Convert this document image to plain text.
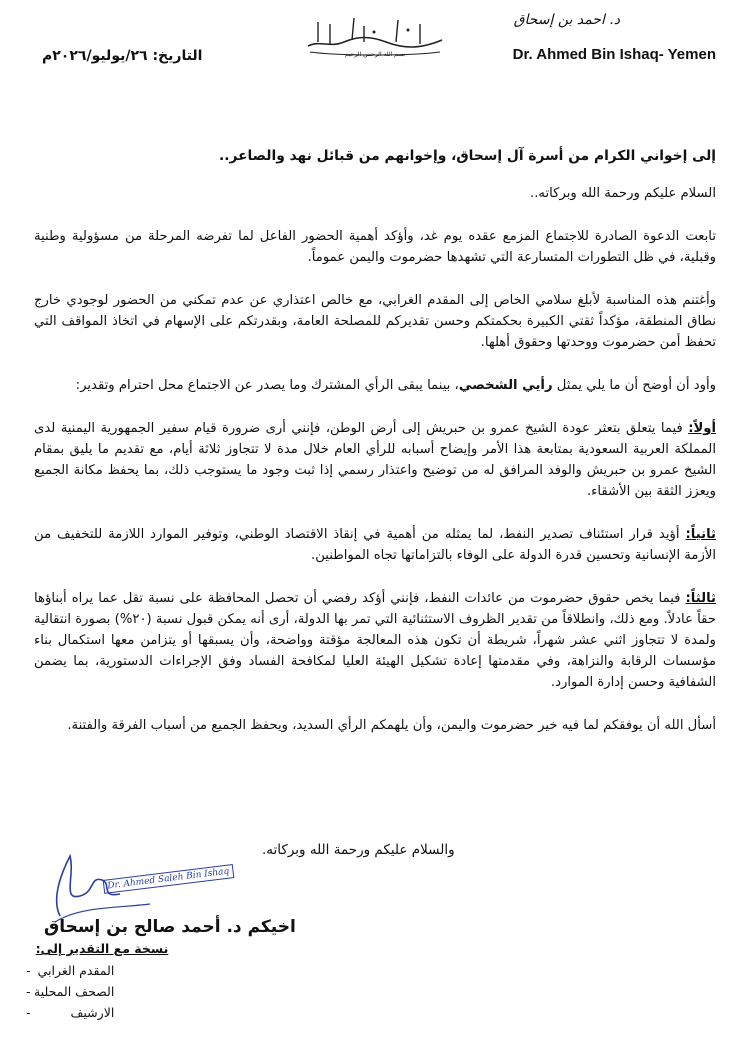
د. احمد بن إسحاق
Dr. Ahmed Bin Ishaq- Yemen
بسم الله الرحمن الرحيم
التاريخ: ٢٦/يوليو/٢٠٢٦م

إلى إخواني الكرام من أسرة آل إسحاق، وإخوانهم من قبائل نهد والصاعر..

السلام عليكم ورحمة الله وبركاته..

تابعت الدعوة الصادرة للاجتماع المزمع عقده يوم غد، وأؤكد أهمية الحضور الفاعل لما تفرضه المرحلة من مسؤولية وطنية وقبلية، في ظل التطورات المتسارعة التي تشهدها حضرموت واليمن عموماً.

وأغتنم هذه المناسبة لأبلغ سلامي الخاص إلى المقدم الغرابي، مع خالص اعتذاري عن عدم تمكني من الحضور لوجودي خارج نطاق المنطقة، مؤكداً ثقتي الكبيرة بحكمتكم وحسن تقديركم للمصلحة العامة، وبقدرتكم على الإسهام في اتخاذ المواقف التي تحفظ أمن حضرموت ووحدتها وحقوق أهلها.

وأود أن أوضح أن ما يلي يمثل رأيي الشخصي، بينما يبقى الرأي المشترك وما يصدر عن الاجتماع محل احترام وتقدير:

أولاً: فيما يتعلق بتعثر عودة الشيخ عمرو بن حبريش إلى أرض الوطن، فإنني أرى ضرورة قيام سفير الجمهورية اليمنية لدى المملكة العربية السعودية بمتابعة هذا الأمر وإيضاح أسبابه للرأي العام خلال مدة لا تتجاوز ثلاثة أيام، مع تقديم ما يليق بمقام الشيخ عمرو بن حبريش والوفد المرافق له من توضيح واعتذار رسمي إذا ثبت وجود ما يستوجب ذلك، بما يحفظ مكانة الجميع ويعزز الثقة بين الأشقاء.

ثانياً: أؤيد قرار استئناف تصدير النفط، لما يمثله من أهمية في إنقاذ الاقتصاد الوطني، وتوفير الموارد اللازمة للتخفيف من الأزمة الإنسانية وتحسين قدرة الدولة على الوفاء بالتزاماتها تجاه المواطنين.

ثالثاً: فيما يخص حقوق حضرموت من عائدات النفط، فإنني أؤكد رفضي أن تحصل المحافظة على نسبة تقل عما يراه أبناؤها حقاً عادلاً. ومع ذلك، وانطلاقاً من تقدير الظروف الاستثنائية التي تمر بها الدولة، أرى أنه يمكن قبول نسبة (٢٠%) بصورة انتقالية ولمدة لا تتجاوز اثني عشر شهراً، شريطة أن تكون هذه المعالجة مؤقتة وواضحة، وأن يسبقها أو يتزامن معها استكمال بناء مؤسسات الرقابة والنزاهة، وفي مقدمتها إعادة تشكيل الهيئة العليا لمكافحة الفساد وفق الإجراءات الدستورية، بما يضمن الشفافية وحسن إدارة الموارد.

أسأل الله أن يوفقكم لما فيه خير حضرموت واليمن، وأن يلهمكم الرأي السديد، ويحفظ الجميع من أسباب الفرقة والفتنة.

والسلام عليكم ورحمة الله وبركاته.
Dr. Ahmed Saleh Bin Ishaq
اخيكم د. أحمد صالح بن إسحاق
نسخة مع التقدير إلى:
المقدم الغرابي
-
الصحف المحلية
-
الارشيف
-
